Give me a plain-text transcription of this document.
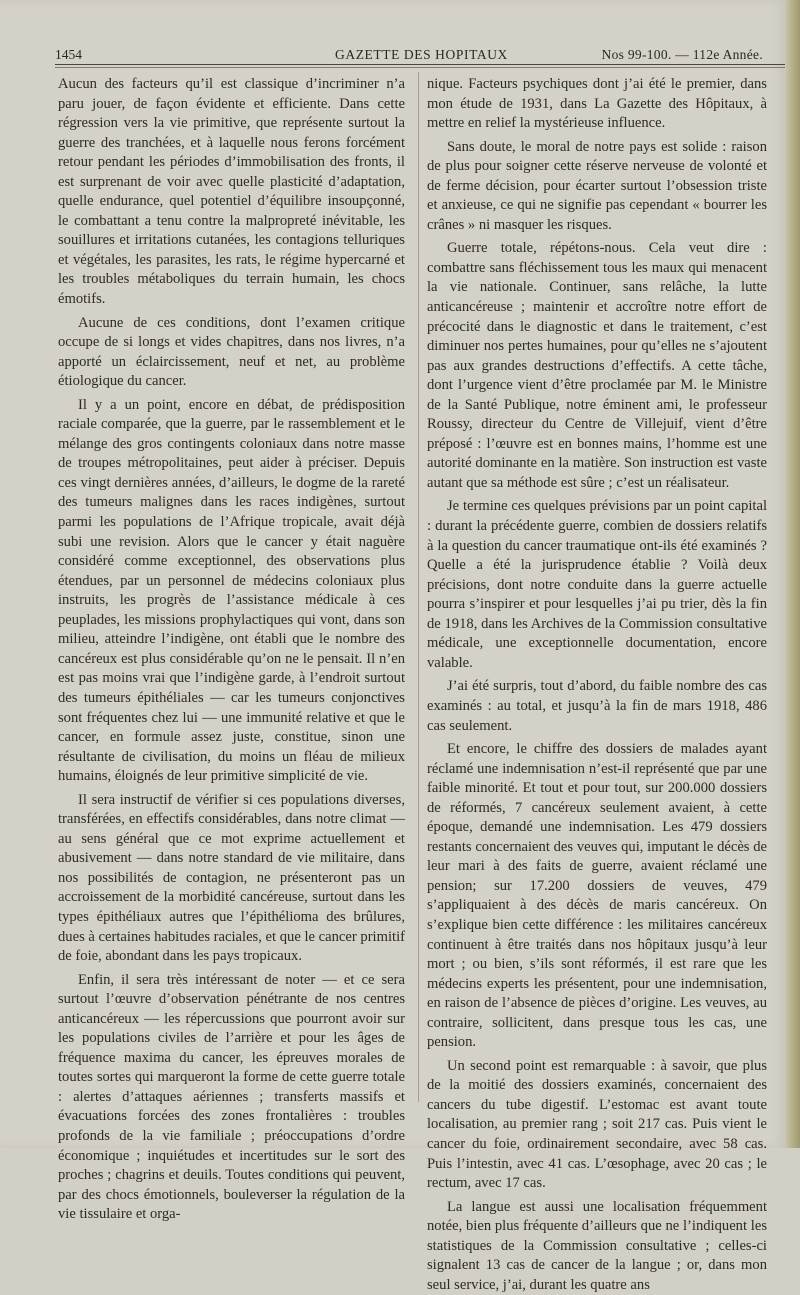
1454	GAZETTE DES HOPITAUX	Nos 99-100. — 112e Année.

Aucun des facteurs qu’il est classique d’incriminer n’a paru jouer, de façon évidente et efficiente. Dans cette régression vers la vie primitive, que représente surtout la guerre des tranchées, et à laquelle nous ferons forcément retour pendant les périodes d’immobilisation des fronts, il est surprenant de voir avec quelle plasticité d’adaptation, quelle endurance, quel potentiel d’équilibre insoupçonné, le combattant a tenu contre la malpropreté inévitable, les souillures et irritations cutanées, les contagions telluriques et végétales, les parasites, les rats, le régime hypercarné et les troubles métaboliques du terrain humain, les chocs émotifs.

Aucune de ces conditions, dont l’examen critique occupe de si longs et vides chapitres, dans nos livres, n’a apporté un éclaircissement, neuf et net, au problème étiologique du cancer.

Il y a un point, encore en débat, de prédisposition raciale comparée, que la guerre, par le rassemblement et le mélange des gros contingents coloniaux dans notre masse de troupes métropolitaines, peut aider à préciser. Depuis ces vingt dernières années, d’ailleurs, le dogme de la rareté des tumeurs malignes dans les races indigènes, surtout parmi les populations de l’Afrique tropicale, avait déjà subi une revision. Alors que le cancer y était naguère considéré comme exceptionnel, des observations plus étendues, par un personnel de médecins coloniaux plus instruits, les progrès de l’assistance médicale à ces peuplades, les missions prophylactiques qui vont, dans son milieu, atteindre l’indigène, ont établi que le nombre des cancéreux est plus considérable qu’on ne le pensait. Il n’en est pas moins vrai que l’indigène garde, à l’endroit surtout des tumeurs épithéliales — car les tumeurs conjonctives sont fréquentes chez lui — une immunité relative et que le cancer, en formule assez juste, constitue, sinon une résultante de civilisation, du moins un fléau de milieux humains, éloignés de leur primitive simplicité de vie.

Il sera instructif de vérifier si ces populations diverses, transférées, en effectifs considérables, dans notre climat — au sens général que ce mot exprime actuellement et abusivement — dans notre standard de vie militaire, dans nos possibilités de contagion, ne présenteront pas un accroissement de la morbidité cancéreuse, surtout dans les types épithéliaux autres que l’épithélioma des brûlures, dues à certaines habitudes raciales, et que le cancer primitif de foie, abondant dans les pays tropicaux.

Enfin, il sera très intéressant de noter — et ce sera surtout l’œuvre d’observation pénétrante de nos centres anticancéreux — les répercussions que pourront avoir sur les populations civiles de l’arrière et pour les âges de fréquence maxima du cancer, les épreuves morales de toutes sortes qui marqueront la forme de cette guerre totale : alertes d’attaques aériennes ; transferts massifs et évacuations forcées des zones frontalières : troubles profonds de la vie familiale ; préoccupations d’ordre économique ; inquiétudes et incertitudes sur le sort des proches ; chagrins et deuils. Toutes conditions qui peuvent, par des chocs émotionnels, bouleverser la régulation de la vie tissulaire et orga-

nique. Facteurs psychiques dont j’ai été le premier, dans mon étude de 1931, dans La Gazette des Hôpitaux, à mettre en relief la mystérieuse influence.

Sans doute, le moral de notre pays est solide : raison de plus pour soigner cette réserve nerveuse de volonté et de ferme décision, pour écarter surtout l’obsession triste et anxieuse, ce qui ne signifie pas cependant « bourrer les crânes » ni masquer les risques.

Guerre totale, répétons-nous. Cela veut dire : combattre sans fléchissement tous les maux qui menacent la vie nationale. Continuer, sans relâche, la lutte anticancéreuse ; maintenir et accroître notre effort de précocité dans le diagnostic et dans le traitement, c’est diminuer nos pertes humaines, pour qu’elles ne s’ajoutent pas aux grandes destructions d’effectifs. A cette tâche, dont l’urgence vient d’être proclamée par M. le Ministre de la Santé Publique, notre éminent ami, le professeur Roussy, directeur du Centre de Villejuif, vient d’être préposé : l’œuvre est en bonnes mains, l’homme est une autorité dominante en la matière. Son instruction est vaste autant que sa méthode est sûre ; c’est un réalisateur.

Je termine ces quelques prévisions par un point capital : durant la précédente guerre, combien de dossiers relatifs à la question du cancer traumatique ont-ils été examinés ? Quelle a été la jurisprudence établie ? Voilà deux précisions, dont notre conduite dans la guerre actuelle pourra s’inspirer et pour lesquelles j’ai pu trier, dès la fin de 1918, dans les Archives de la Commission consultative médicale, une exceptionnelle documentation, encore valable.

J’ai été surpris, tout d’abord, du faible nombre des cas examinés : au total, et jusqu’à la fin de mars 1918, 486 cas seulement.

Et encore, le chiffre des dossiers de malades ayant réclamé une indemnisation n’est-il représenté que par une faible minorité. Et tout et pour tout, sur 200.000 dossiers de réformés, 7 cancéreux seulement avaient, à cette époque, demandé une indemnisation. Les 479 dossiers restants concernaient des veuves qui, imputant le décès de leur mari à des faits de guerre, avaient réclamé une pension; sur 17.200 dossiers de veuves, 479 s’appliquaient à des décès de maris cancéreux. On s’explique bien cette différence : les militaires cancéreux continuent à être traités dans nos hôpitaux jusqu’à leur mort ; ou bien, s’ils sont réformés, il est rare que les médecins experts les présentent, pour une indemnisation, en raison de l’absence de pièces d’origine. Les veuves, au contraire, sollicitent, dans presque tous les cas, une pension.

Un second point est remarquable : à savoir, que plus de la moitié des dossiers examinés, concernaient des cancers du tube digestif. L’estomac est avant toute localisation, au premier rang ; soit 217 cas. Puis vient le cancer du foie, ordinairement secondaire, avec 58 cas. Puis l’intestin, avec 41 cas. L’œsophage, avec 20 cas ; le rectum, avec 17 cas.

La langue est aussi une localisation fréquemment notée, bien plus fréquente d’ailleurs que ne l’indiquent les statistiques de la Commission consultative ; celles-ci signalent 13 cas de cancer de la langue ; or, dans mon seul service, j’ai, durant les quatre ans
